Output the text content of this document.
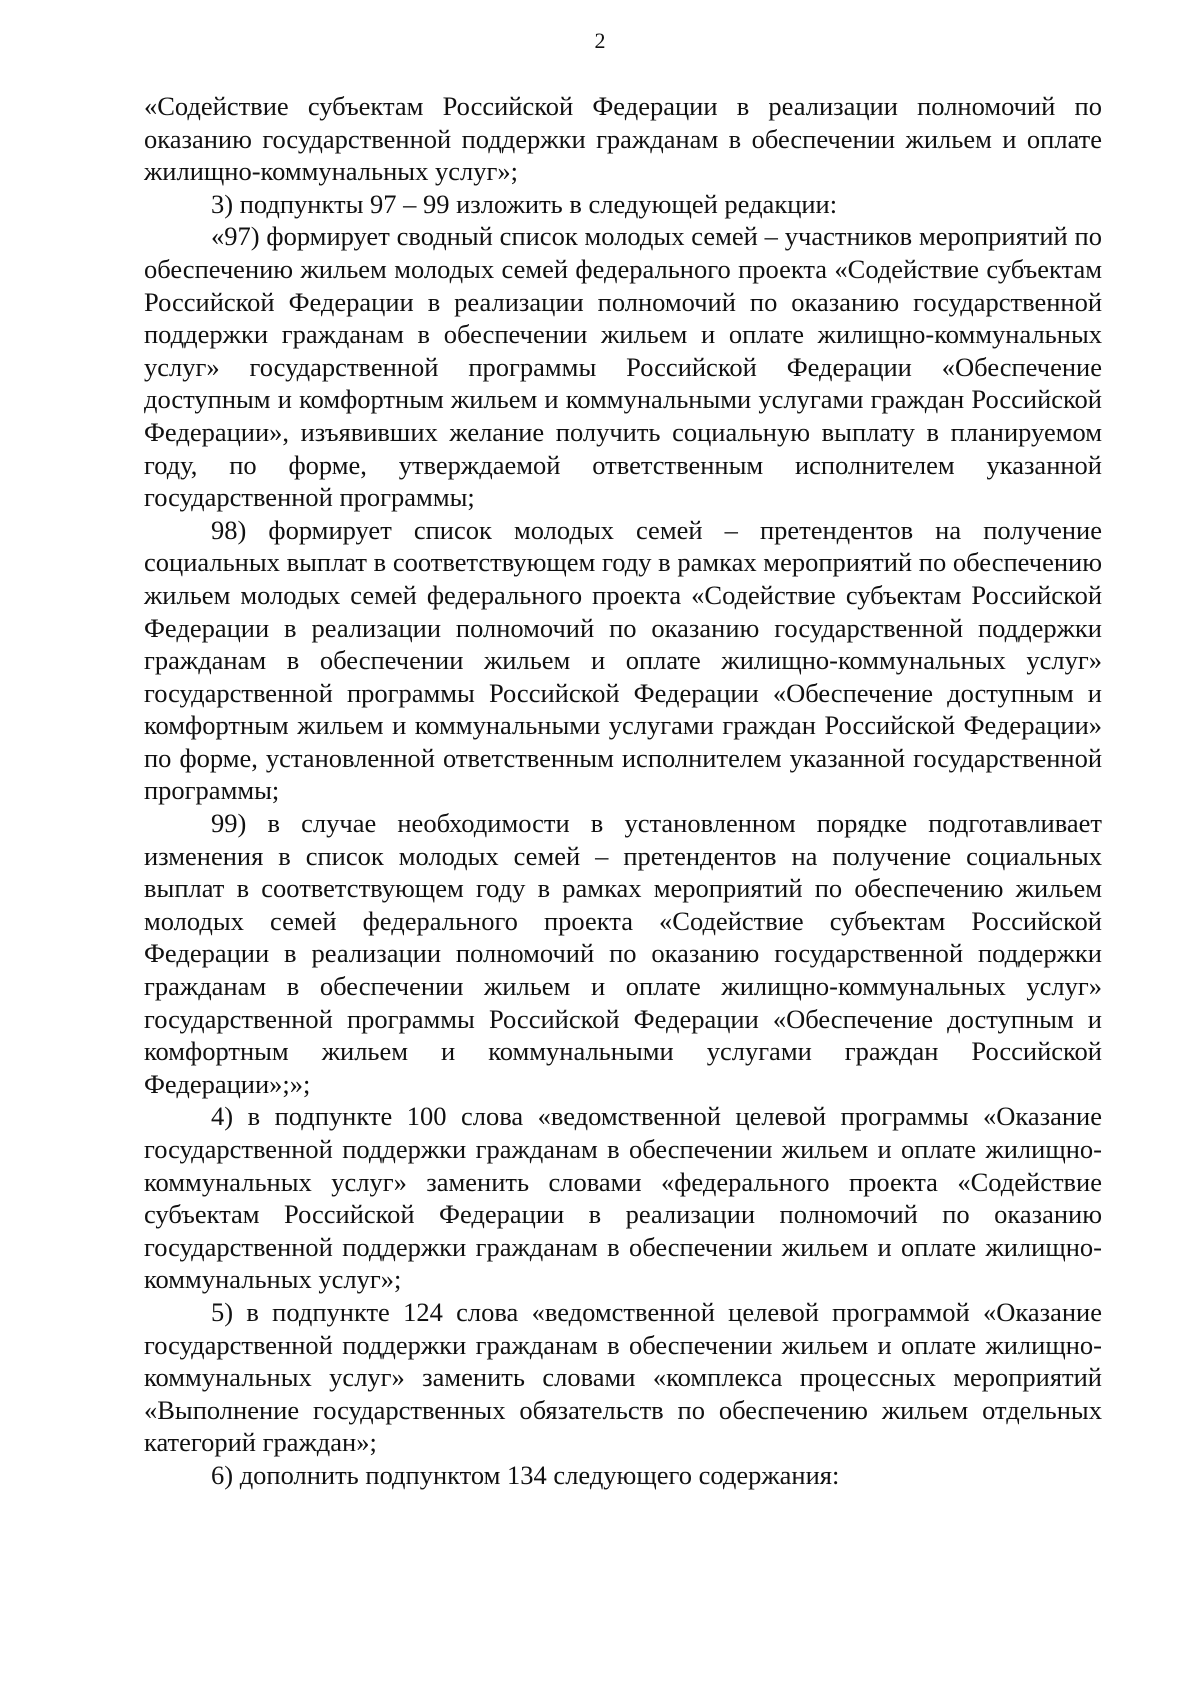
2

«Содействие субъектам Российской Федерации в реализации полномочий по оказанию государственной поддержки гражданам в обеспечении жильем и оплате жилищно-коммунальных услуг»;

3) подпункты 97 – 99 изложить в следующей редакции:

«97) формирует сводный список молодых семей – участников мероприятий по обеспечению жильем молодых семей федерального проекта «Содействие субъектам Российской Федерации в реализации полномочий по оказанию государственной поддержки гражданам в обеспечении жильем и оплате жилищно-коммунальных услуг» государственной программы Российской Федерации «Обеспечение доступным и комфортным жильем и коммунальными услугами граждан Российской Федерации», изъявивших желание получить социальную выплату в планируемом году, по форме, утверждаемой ответственным исполнителем указанной государственной программы;

98) формирует список молодых семей – претендентов на получение социальных выплат в соответствующем году в рамках мероприятий по обеспечению жильем молодых семей федерального проекта «Содействие субъектам Российской Федерации в реализации полномочий по оказанию государственной поддержки гражданам в обеспечении жильем и оплате жилищно-коммунальных услуг» государственной программы Российской Федерации «Обеспечение доступным и комфортным жильем и коммунальными услугами граждан Российской Федерации» по форме, установленной ответственным исполнителем указанной государственной программы;

99) в случае необходимости в установленном порядке подготавливает изменения в список молодых семей – претендентов на получение социальных выплат в соответствующем году в рамках мероприятий по обеспечению жильем молодых семей федерального проекта «Содействие субъектам Российской Федерации в реализации полномочий по оказанию государственной поддержки гражданам в обеспечении жильем и оплате жилищно-коммунальных услуг» государственной программы Российской Федерации «Обеспечение доступным и комфортным жильем и коммунальными услугами граждан Российской Федерации»;»;

4) в подпункте 100 слова «ведомственной целевой программы «Оказание государственной поддержки гражданам в обеспечении жильем и оплате жилищно-коммунальных услуг» заменить словами «федерального проекта «Содействие субъектам Российской Федерации в реализации полномочий по оказанию государственной поддержки гражданам в обеспечении жильем и оплате жилищно-коммунальных услуг»;

5) в подпункте 124 слова «ведомственной целевой программой «Оказание государственной поддержки гражданам в обеспечении жильем и оплате жилищно-коммунальных услуг» заменить словами «комплекса процессных мероприятий «Выполнение государственных обязательств по обеспечению жильем отдельных категорий граждан»;

6) дополнить подпунктом 134 следующего содержания:
